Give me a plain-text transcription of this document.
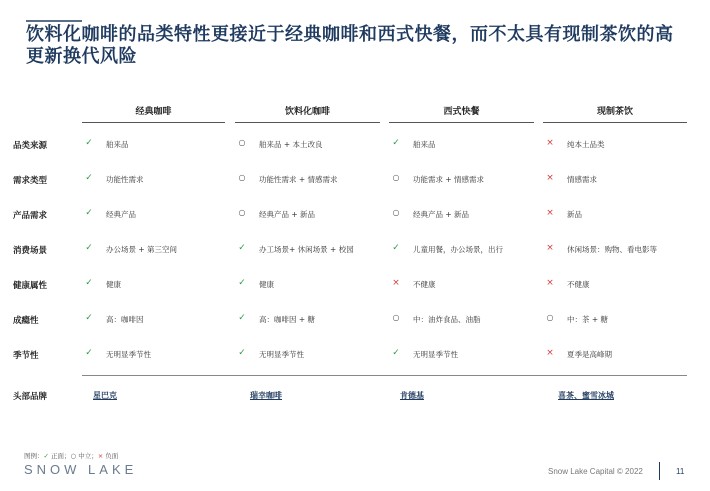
饮料化咖啡的品类特性更接近于经典咖啡和西式快餐，而不太具有现制茶饮的高更新换代风险
经典咖啡	饮料化咖啡	西式快餐	现制茶饮
品类来源	✓ 舶来品	○ 舶来品 + 本土改良	✓ 舶来品	× 纯本土品类
需求类型	✓ 功能性需求	○ 功能性需求 + 情感需求	○ 功能需求 + 情感需求	× 情感需求
产品需求	✓ 经典产品	○ 经典产品 + 新品	○ 经典产品 + 新品	× 新品
消费场景	✓ 办公场景 + 第三空间	✓ 办工场景+ 休闲场景 + 校园	✓ 儿童用餐，办公场景，出行	× 休闲场景：购物、看电影等
健康属性	✓ 健康	✓ 健康	× 不健康	× 不健康
成瘾性	✓ 高：咖啡因	✓ 高：咖啡因 + 糖	○ 中：油炸食品、油脂	○ 中：茶 + 糖
季节性	✓ 无明显季节性	✓ 无明显季节性	✓ 无明显季节性	× 夏季是高峰期
头部品牌	星巴克	瑞幸咖啡	肯德基	喜茶、蜜雪冰城
图例：✓ 正面；○ 中立；× 负面
SNOW LAKE	Snow Lake Capital © 2022	11
